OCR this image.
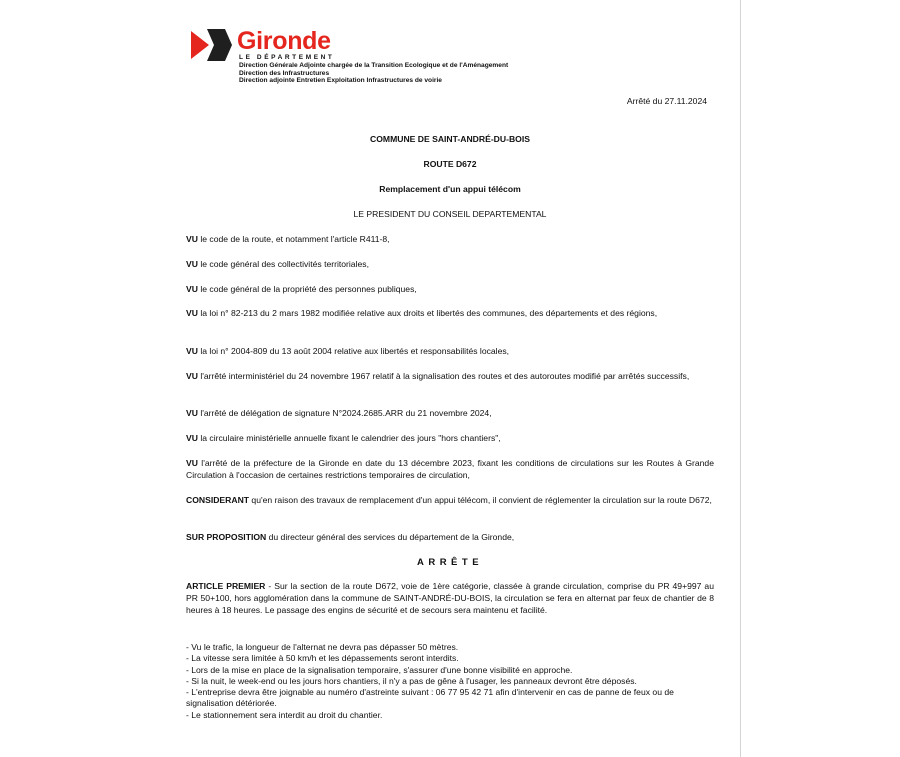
Gironde
LE DÉPARTEMENT
Direction Générale Adjointe chargée de la Transition Ecologique et de l'Aménagement
Direction des Infrastructures
Direction adjointe Entretien Exploitation Infrastructures de voirie
Arrêté du 27.11.2024
COMMUNE DE SAINT-ANDRÉ-DU-BOIS
ROUTE D672
Remplacement d'un appui télécom
LE PRESIDENT DU CONSEIL DEPARTEMENTAL
VU le code de la route, et notamment l'article R411-8,
VU le code général des collectivités territoriales,
VU le code général de la propriété des personnes publiques,
VU la loi n° 82-213 du 2 mars 1982 modifiée relative aux droits et libertés des communes, des départements et des régions,
VU la loi n° 2004-809 du 13 août 2004 relative aux libertés et responsabilités locales,
VU l'arrêté interministériel du 24 novembre 1967 relatif à la signalisation des routes et des autoroutes modifié par arrêtés successifs,
VU l'arrêté de délégation de signature N°2024.2685.ARR du 21 novembre 2024,
VU la circulaire ministérielle annuelle fixant le calendrier des jours "hors chantiers",
VU l'arrêté de la préfecture de la Gironde en date du 13 décembre 2023, fixant les conditions de circulations sur les Routes à Grande Circulation à l'occasion de certaines restrictions temporaires de circulation,
CONSIDERANT qu'en raison des travaux de remplacement d'un appui télécom, il convient de réglementer la circulation sur la route D672,
SUR PROPOSITION du directeur général des services du département de la Gironde,
ARRÊTE
ARTICLE PREMIER - Sur la section de la route D672, voie de 1ère catégorie, classée à grande circulation, comprise du PR 49+997 au PR 50+100, hors agglomération dans la commune de SAINT-ANDRÉ-DU-BOIS, la circulation se fera en alternat par feux de chantier de 8 heures à 18 heures. Le passage des engins de sécurité et de secours sera maintenu et facilité.
- Vu le trafic, la longueur de l'alternat ne devra pas dépasser 50 mètres.
- La vitesse sera limitée à 50 km/h et les dépassements seront interdits.
- Lors de la mise en place de la signalisation temporaire, s'assurer d'une bonne visibilité en approche.
- Si la nuit, le week-end ou les jours hors chantiers, il n'y a pas de gêne à l'usager, les panneaux devront être déposés.
- L'entreprise devra être joignable au numéro d'astreinte suivant : 06 77 95 42 71 afin d'intervenir en cas de panne de feux ou de signalisation détériorée.
- Le stationnement sera interdit au droit du chantier.
